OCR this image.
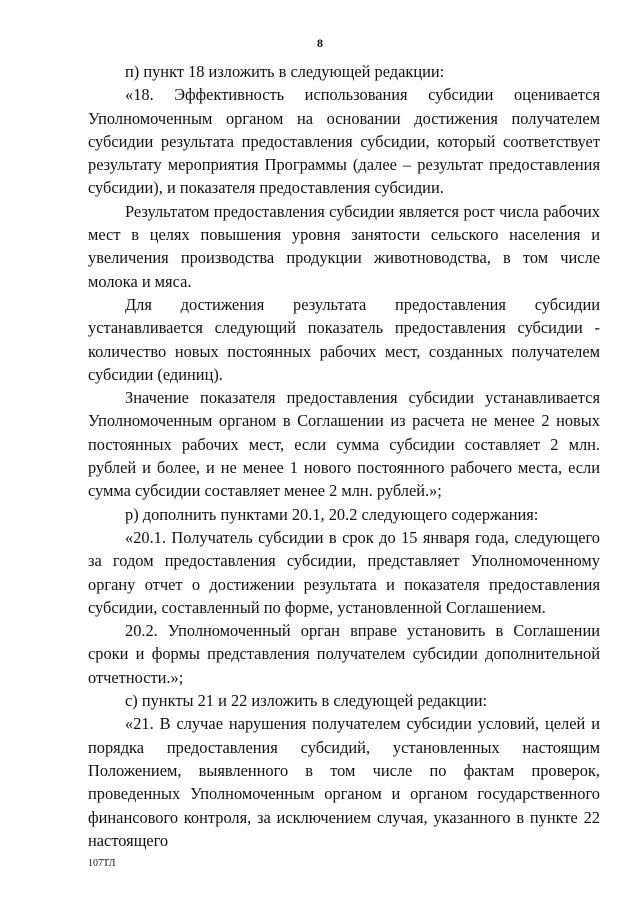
8

п) пункт 18 изложить в следующей редакции:

«18. Эффективность использования субсидии оценивается Уполномоченным органом на основании достижения получателем субсидии результата предоставления субсидии, который соответствует результату мероприятия Программы (далее – результат предоставления субсидии), и показателя предоставления субсидии.

Результатом предоставления субсидии является рост числа рабочих мест в целях повышения уровня занятости сельского населения и увеличения производства продукции животноводства, в том числе молока и мяса.

Для достижения результата предоставления субсидии устанавливается следующий показатель предоставления субсидии - количество новых постоянных рабочих мест, созданных получателем субсидии (единиц).

Значение показателя предоставления субсидии устанавливается Уполномоченным органом в Соглашении из расчета не менее 2 новых постоянных рабочих мест, если сумма субсидии составляет 2 млн. рублей и более, и не менее 1 нового постоянного рабочего места, если сумма субсидии составляет менее 2 млн. рублей.»;

р) дополнить пунктами 20.1, 20.2 следующего содержания:

«20.1. Получатель субсидии в срок до 15 января года, следующего за годом предоставления субсидии, представляет Уполномоченному органу отчет о достижении результата и показателя предоставления субсидии, составленный по форме, установленной Соглашением.

20.2. Уполномоченный орган вправе установить в Соглашении сроки и формы представления получателем субсидии дополнительной отчетности.»;

с) пункты 21 и 22 изложить в следующей редакции:

«21. В случае нарушения получателем субсидии условий, целей и порядка предоставления субсидий, установленных настоящим Положением, выявленного в том числе по фактам проверок, проведенных Уполномоченным органом и органом государственного финансового контроля, за исключением случая, указанного в пункте 22 настоящего

107ТЛ
